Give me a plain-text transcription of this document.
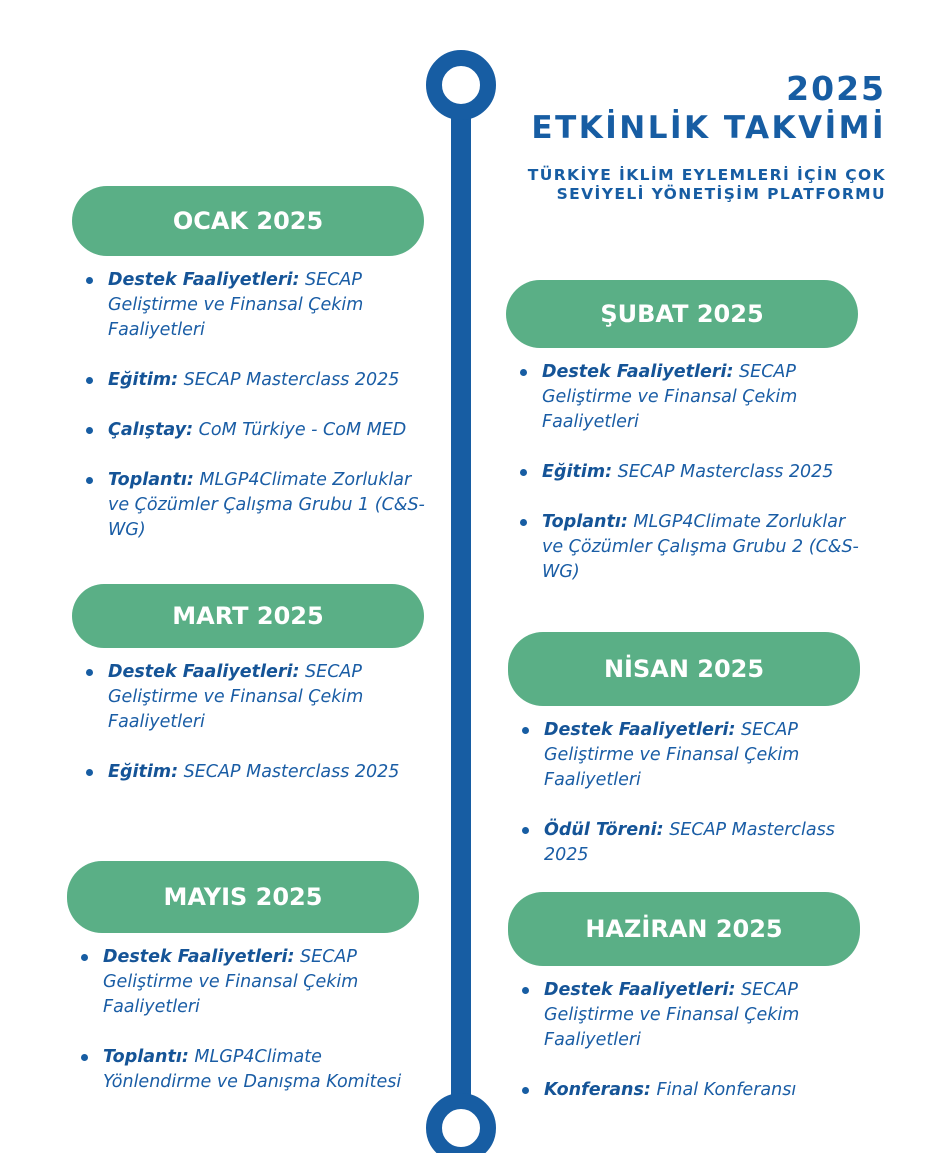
2025
ETKİNLİK TAKVİMİ
TÜRKİYE İKLİM EYLEMLERİ İÇİN ÇOK
SEVİYELİ YÖNETİŞİM PLATFORMU
OCAK 2025
Destek Faaliyetleri: SECAP Geliştirme ve Finansal Çekim Faaliyetleri
Eğitim: SECAP Masterclass 2025
Çalıştay: CoM Türkiye - CoM MED
Toplantı: MLGP4Climate Zorluklar ve Çözümler Çalışma Grubu 1 (C&S-WG)
ŞUBAT 2025
Destek Faaliyetleri: SECAP Geliştirme ve Finansal Çekim Faaliyetleri
Eğitim: SECAP Masterclass 2025
Toplantı: MLGP4Climate Zorluklar ve Çözümler Çalışma Grubu 2 (C&S-WG)
MART 2025
Destek Faaliyetleri: SECAP Geliştirme ve Finansal Çekim Faaliyetleri
Eğitim: SECAP Masterclass 2025
NİSAN 2025
Destek Faaliyetleri: SECAP Geliştirme ve Finansal Çekim Faaliyetleri
Ödül Töreni: SECAP Masterclass 2025
MAYIS 2025
Destek Faaliyetleri: SECAP Geliştirme ve Finansal Çekim Faaliyetleri
Toplantı: MLGP4Climate Yönlendirme ve Danışma Komitesi
HAZİRAN 2025
Destek Faaliyetleri: SECAP Geliştirme ve Finansal Çekim Faaliyetleri
Konferans: Final Konferansı
